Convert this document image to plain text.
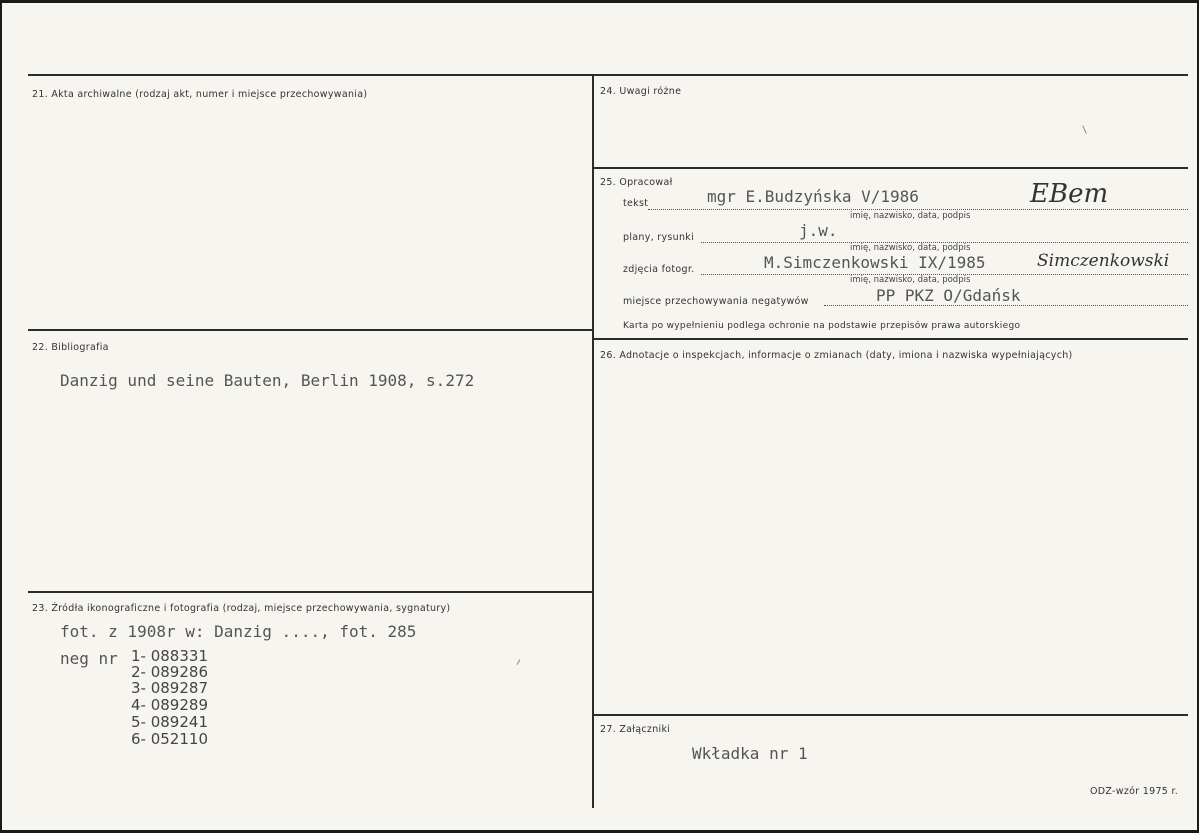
21. Akta archiwalne (rodzaj akt, numer i miejsce przechowywania)
22. Bibliografia
Danzig und seine Bauten, Berlin 1908, s.272
23. Źródła ikonograficzne i fotografia (rodzaj, miejsce przechowywania, sygnatury)
fot. z 1908r w: Danzig ...., fot. 285
neg nr 1- 088331
2- 089286
3- 089287
4- 089289
5- 089241
6- 052110
24. Uwagi różne
25. Opracował
tekst	mgr E.Budzyńska V/1986	EBem
imię, nazwisko, data, podpis
plany, rysunki	j.w.
imię, nazwisko, data, podpis
zdjęcia fotogr.	M.Simczenkowski IX/1985	Simczenkowski
imię, nazwisko, data, podpis
miejsce przechowywania negatywów	PP PKZ O/Gdańsk
Karta po wypełnieniu podlega ochronie na podstawie przepisów prawa autorskiego
26. Adnotacje o inspekcjach, informacje o zmianach (daty, imiona i nazwiska wypełniających)
27. Załączniki
Wkładka nr 1
ODZ-wzór 1975 r.
